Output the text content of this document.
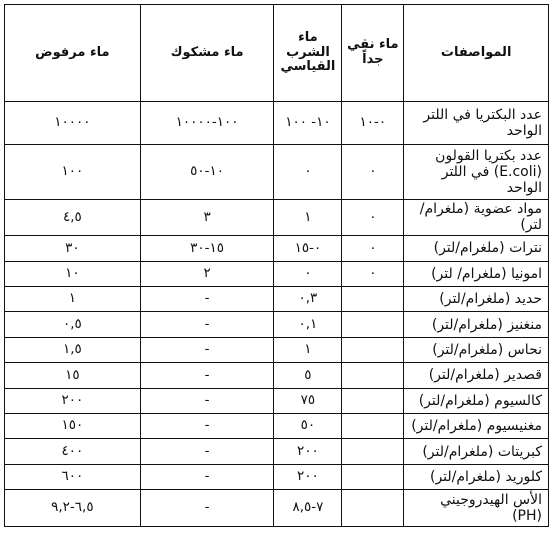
المواصفات	ماء نقي جداً	ماء الشرب القياسي	ماء مشكوك	ماء مرفوض
عدد البكتريا في اللتر الواحد	٠-١٠	١٠- ١٠٠	١٠٠-١٠٠٠٠	١٠٠٠٠
عدد بكتريا القولون (E.coli) في اللتر الواحد	٠	٠	١٠-٥٠	١٠٠
مواد عضوية (ملغرام/لتر)	٠	١	٣	٤,٥
نترات (ملغرام/لتر)	٠	٠-١٥	١٥-٣٠	٣٠
امونيا (ملغرام/ لتر)	٠	٠	٢	١٠
حديد (ملغرام/لتر)		٠,٣	-	١
منغنيز (ملغرام/لتر)		٠,١	-	٠,٥
نحاس (ملغرام/لتر)		١	-	١,٥
قصدير (ملغرام/لتر)		٥	-	١٥
كالسيوم (ملغرام/لتر)		٧٥	-	٢٠٠
مغنيسيوم (ملغرام/لتر)		٥٠	-	١٥٠
كبريتات (ملغرام/لتر)		٢٠٠	-	٤٠٠
كلوريد (ملغرام/لتر)		٢٠٠	-	٦٠٠
الأس الهيدروجيني (PH)		٧-٨,٥	-	٦,٥-٩,٢
